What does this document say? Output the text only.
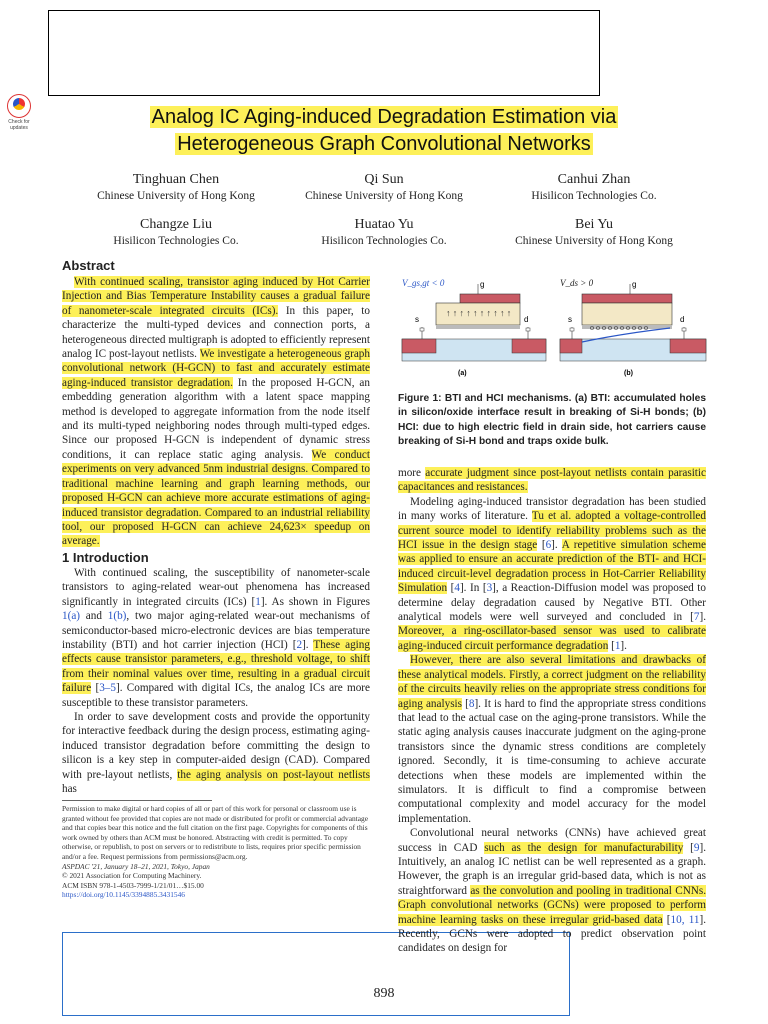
Check for updates	Analog IC Aging-induced Degradation Estimation via
Heterogeneous Graph Convolutional Networks
Tinghuan Chen
Chinese University of Hong Kong
Qi Sun
Chinese University of Hong Kong
Canhui Zhan
Hisilicon Technologies Co.
Changze Liu
Hisilicon Technologies Co.
Huatao Yu
Hisilicon Technologies Co.
Bei Yu
Chinese University of Hong Kong
Abstract

With continued scaling, transistor aging induced by Hot Carrier Injection and Bias Temperature Instability causes a gradual failure of nanometer-scale integrated circuits (ICs). In this paper, to characterize the multi-typed devices and connection ports, a heterogeneous directed multigraph is adopted to efficiently represent analog IC post-layout netlists. We investigate a heterogeneous graph convolutional network (H-GCN) to fast and accurately estimate aging-induced transistor degradation. In the proposed H-GCN, an embedding generation algorithm with a latent space mapping method is developed to aggregate information from the node itself and its multi-typed neighboring nodes through multi-typed edges. Since our proposed H-GCN is independent of dynamic stress conditions, it can replace static aging analysis. We conduct experiments on very advanced 5nm industrial designs. Compared to traditional machine learning and graph learning methods, our proposed H-GCN can achieve more accurate estimations of aging-induced transistor degradation. Compared to an industrial reliability tool, our proposed H-GCN can achieve 24,623× speedup on average.

1 Introduction

With continued scaling, the susceptibility of nanometer-scale transistors to aging-related wear-out phenomena has increased significantly in integrated circuits (ICs) [1]. As shown in Figures 1(a) and 1(b), two major aging-related wear-out mechanisms of semiconductor-based micro-electronic devices are bias temperature instability (BTI) and hot carrier injection (HCI) [2]. These aging effects cause transistor parameters, e.g., threshold voltage, to shift from their nominal values over time, resulting in a gradual circuit failure [3–5]. Compared with digital ICs, the analog ICs are more susceptible to these transistor parameters.

In order to save development costs and provide the opportunity for interactive feedback during the design process, estimating aging-induced transistor degradation before committing the design to silicon is a key step in computer-aided design (CAD). Compared with pre-layout netlists, the aging analysis on post-layout netlists has

Permission to make digital or hard copies of all or part of this work for personal or classroom use is granted without fee provided that copies are not made or distributed for profit or commercial advantage and that copies bear this notice and the full citation on the first page. Copyrights for components of this work owned by others than ACM must be honored. Abstracting with credit is permitted. To copy otherwise, or republish, to post on servers or to redistribute to lists, requires prior specific permission and/or a fee. Request permissions from permissions@acm.org.
ASPDAC '21, January 18–21, 2021, Tokyo, Japan
© 2021 Association for Computing Machinery.
ACM ISBN 978-1-4503-7999-1/21/01…$15.00
https://doi.org/10.1145/3394885.3431546
V_gs,gt < 0	g
s	d
↑ ↑ ↑ ↑ ↑ ↑ ↑ ↑ ↑ ↑
(a)
V_ds > 0	g
s	d
o o o o o o o o o o
(b)
Figure 1: BTI and HCI mechanisms. (a) BTI: accumulated holes in silicon/oxide interface result in breaking of Si-H bonds; (b) HCI: due to high electric field in drain side, hot carriers cause breaking of Si-H bond and traps oxide bulk.

more accurate judgment since post-layout netlists contain parasitic capacitances and resistances.

Modeling aging-induced transistor degradation has been studied in many works of literature. Tu et al. adopted a voltage-controlled current source model to identify reliability problems such as the HCI issue in the design stage [6]. A repetitive simulation scheme was applied to ensure an accurate prediction of the BTI- and HCI-induced circuit-level degradation process in Hot-Carrier Reliability Simulation [4]. In [3], a Reaction-Diffusion model was proposed to determine delay degradation caused by Negative BTI. Other analytical models were well surveyed and concluded in [7]. Moreover, a ring-oscillator-based sensor was used to calibrate aging-induced circuit performance degradation [1].

However, there are also several limitations and drawbacks of these analytical models. Firstly, a correct judgment on the reliability of the circuits heavily relies on the appropriate stress conditions for aging analysis [8]. It is hard to find the appropriate stress conditions that lead to the actual case on the aging-prone transistors. While the static aging analysis causes inaccurate judgment on the aging-prone transistors since the dynamic stress conditions are completely ignored. Secondly, it is time-consuming to achieve accurate detections when these models are implemented within the simulators. It is difficult to find a compromise between computational complexity and model accuracy for the model implementation.

Convolutional neural networks (CNNs) have achieved great success in CAD such as the design for manufacturability [9]. Intuitively, an analog IC netlist can be well represented as a graph. However, the graph is an irregular grid-based data, which is not as straightforward as the convolution and pooling in traditional CNNs. Graph convolutional networks (GCNs) were proposed to perform machine learning tasks on these irregular grid-based data [10, 11]. Recently, GCNs were adopted to predict observation point candidates on design for

898
